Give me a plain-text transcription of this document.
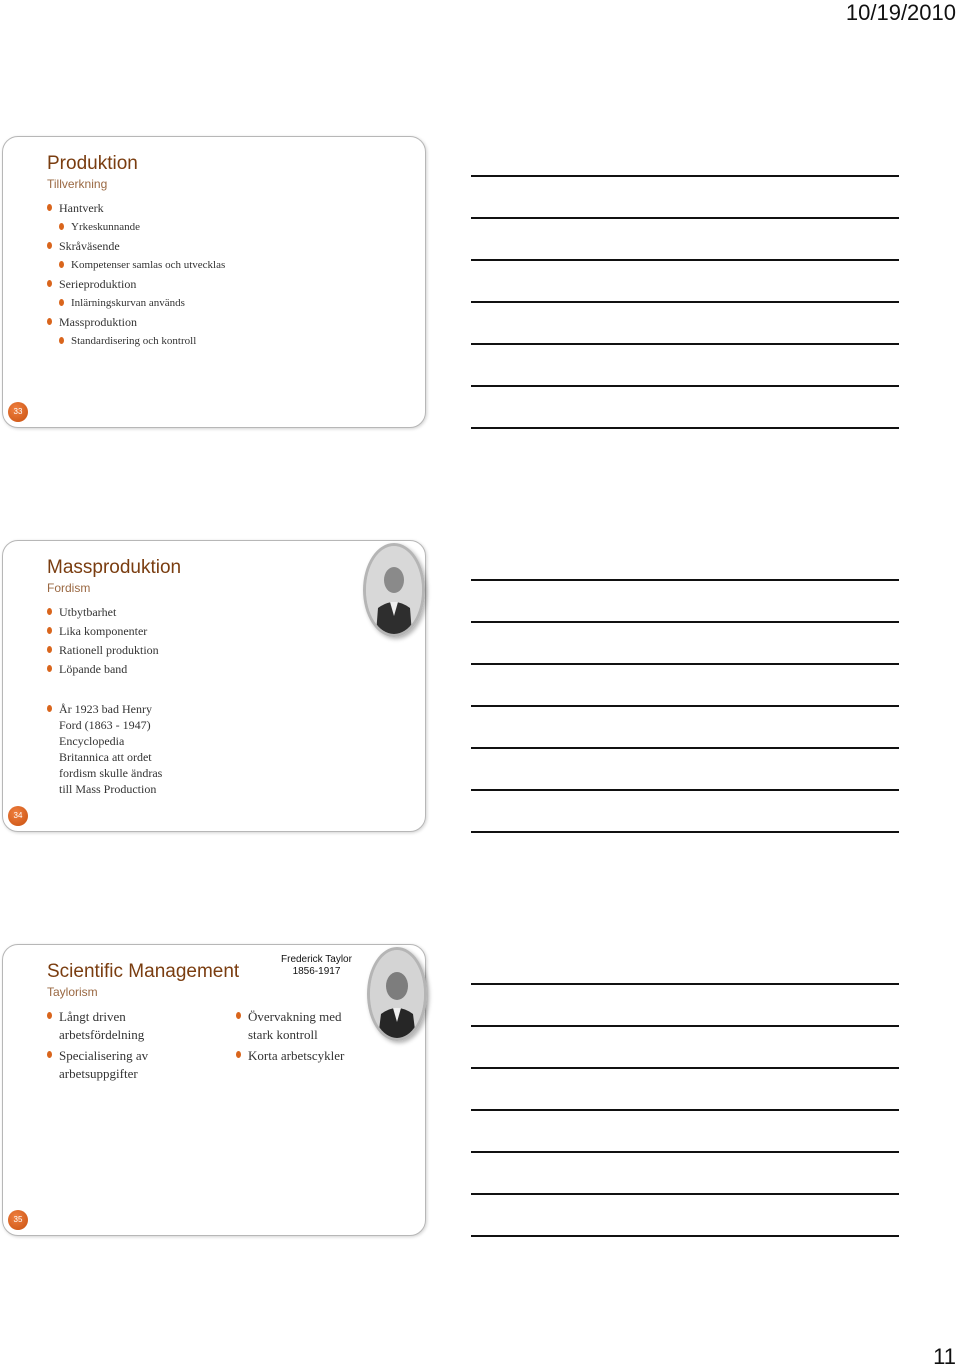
10/19/2010
Produktion
Tillverkning
Hantverk
Yrkeskunnande
Skråväsende
Kompetenser samlas och utvecklas
Serieproduktion
Inlärningskurvan används
Massproduktion
Standardisering och kontroll
33
Massproduktion
Fordism
Utbytbarhet
Lika komponenter
Rationell produktion
Löpande band
År 1923 bad Henry
Ford (1863 - 1947)
Encyclopedia
Britannica att ordet
fordism skulle ändras
till Mass Production
34
Scientific Management
Taylorism
Frederick Taylor
1856-1917
Långt driven
arbetsfördelning
Specialisering av
arbetsuppgifter
Övervakning med
stark kontroll
Korta arbetscykler
35
11
